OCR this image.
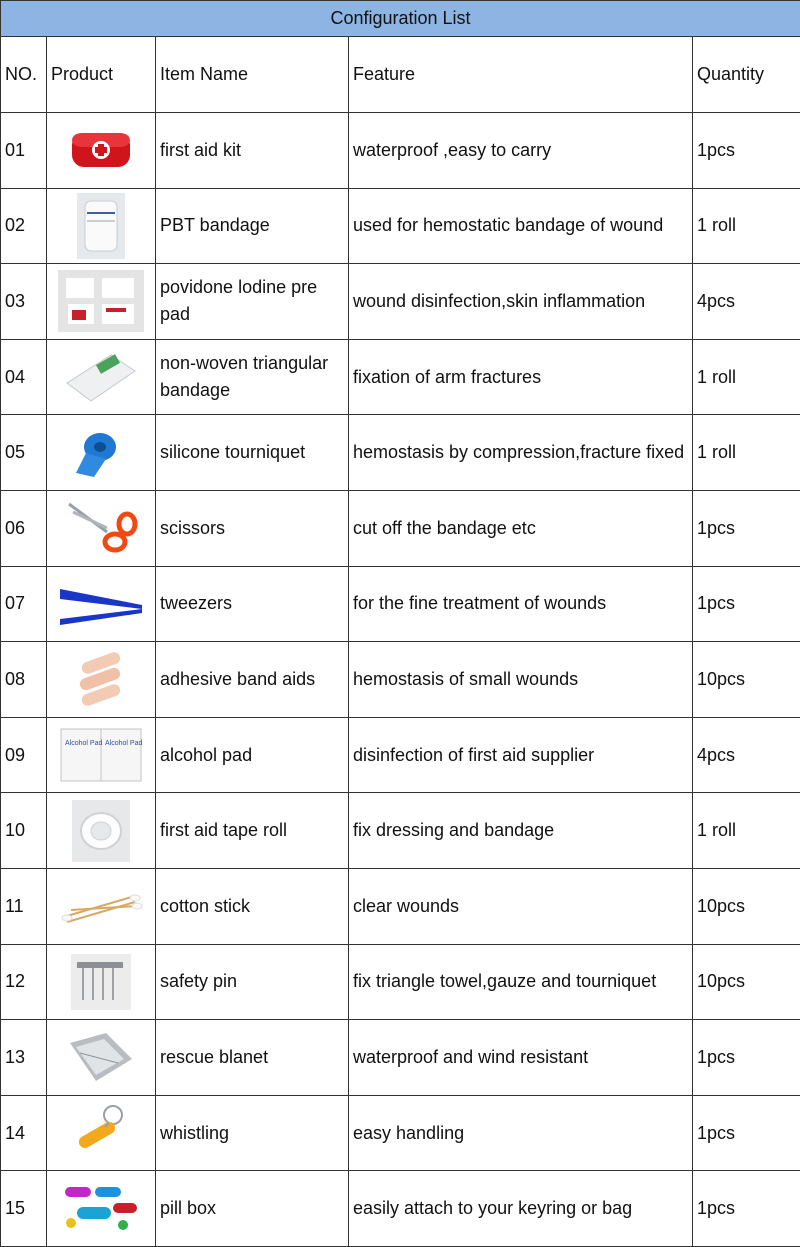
Configuration List				
NO.	Product	Item Name	Feature	Quantity
01		first aid kit	waterproof ,easy to carry	1pcs
02		PBT bandage	used for hemostatic bandage of wound	1 roll
03		povidone lodine pre pad	wound disinfection,skin inflammation	4pcs
04		non-woven triangular bandage	fixation of arm fractures	1 roll
05		silicone tourniquet	hemostasis by compression,fracture fixed	1 roll
06		scissors	cut off the bandage etc	1pcs
07		tweezers	for the fine treatment of wounds	1pcs
08		adhesive band aids	hemostasis of small wounds	10pcs
09	Alcohol Pad Alcohol Pad	alcohol pad	disinfection of first aid supplier	4pcs
10		first aid tape roll	fix dressing and bandage	1 roll
11		cotton stick	clear wounds	10pcs
12		safety pin	fix triangle towel,gauze and tourniquet	10pcs
13		rescue blanet	waterproof and wind resistant	1pcs
14		whistling	easy handling	1pcs
15		pill box	easily attach to your keyring or bag	1pcs
